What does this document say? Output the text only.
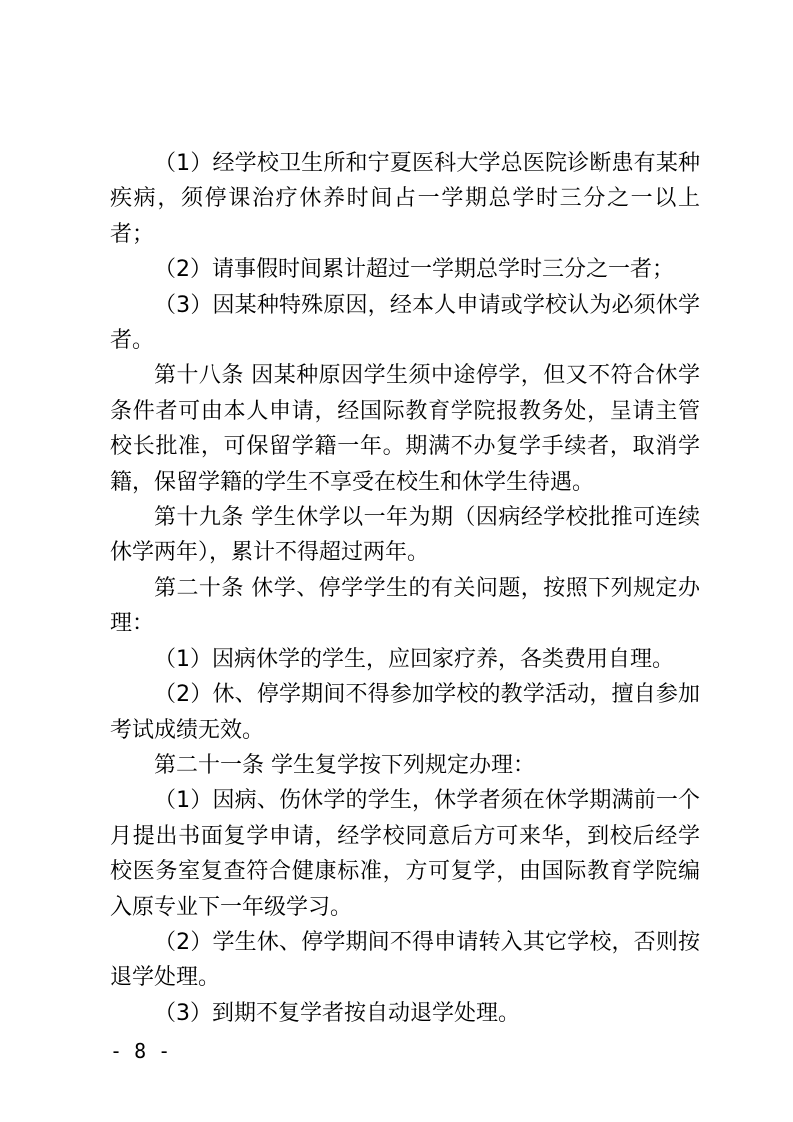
（1）经学校卫生所和宁夏医科大学总医院诊断患有某种疾病，须停课治疗休养时间占一学期总学时三分之一以上者；

（2）请事假时间累计超过一学期总学时三分之一者；

（3）因某种特殊原因，经本人申请或学校认为必须休学者。

第十八条 因某种原因学生须中途停学，但又不符合休学条件者可由本人申请，经国际教育学院报教务处，呈请主管校长批准，可保留学籍一年。期满不办复学手续者，取消学籍，保留学籍的学生不享受在校生和休学生待遇。

第十九条 学生休学以一年为期（因病经学校批推可连续休学两年），累计不得超过两年。

第二十条 休学、停学学生的有关问题，按照下列规定办理：

（1）因病休学的学生，应回家疗养，各类费用自理。

（2）休、停学期间不得参加学校的教学活动，擅自参加考试成绩无效。

第二十一条 学生复学按下列规定办理：

（1）因病、伤休学的学生，休学者须在休学期满前一个月提出书面复学申请，经学校同意后方可来华，到校后经学校医务室复查符合健康标准，方可复学，由国际教育学院编入原专业下一年级学习。

（2）学生休、停学期间不得申请转入其它学校，否则按退学处理。

（3）到期不复学者按自动退学处理。

- 8 -
